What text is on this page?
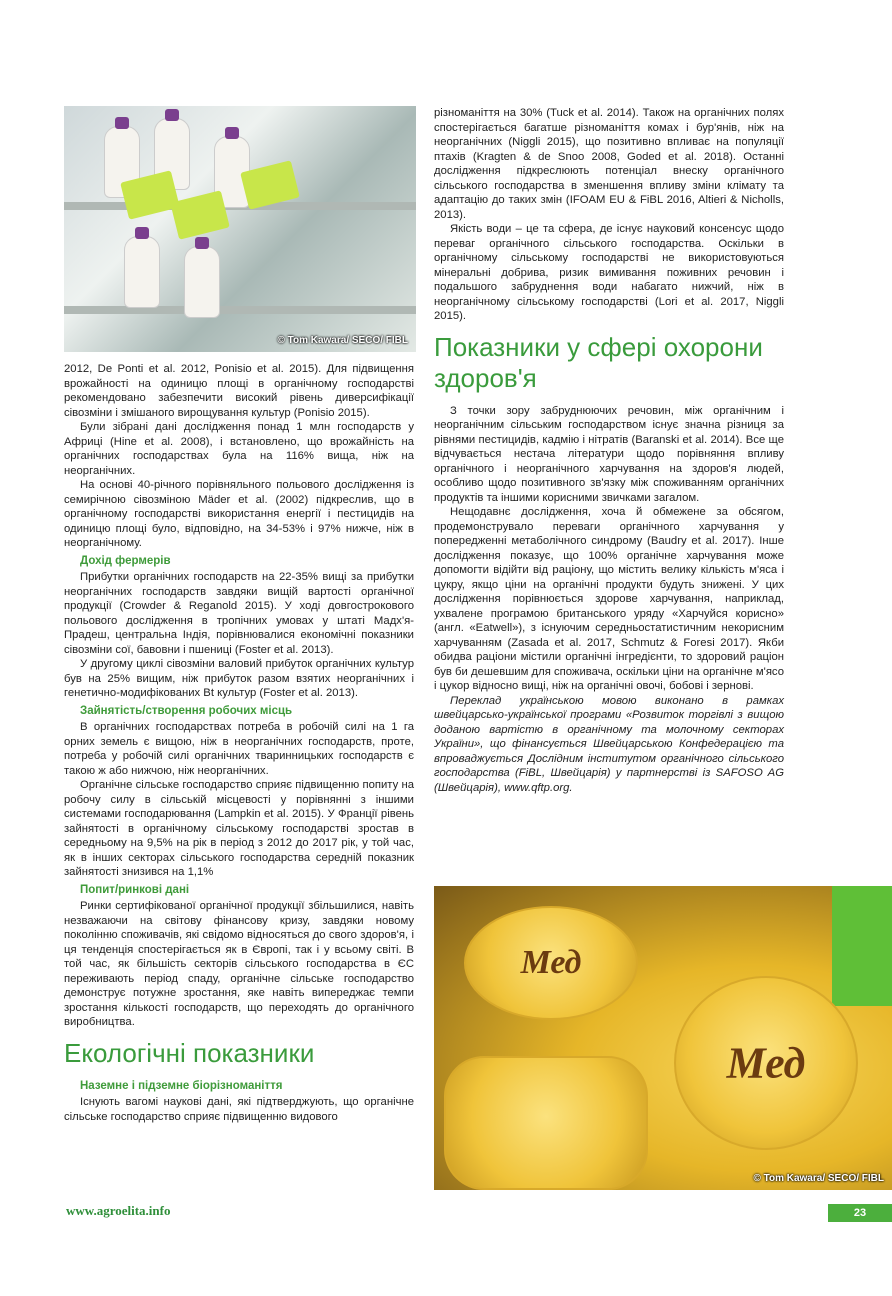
© Tom Kawara/ SECO/ FIBL

2012, De Ponti et al. 2012, Ponisio et al. 2015). Для підвищення врожайності на одиницю площі в органічному господарстві рекомендовано забезпечити високий рівень диверсифікації сівозміни і змішаного вирощування культур (Ponisio 2015).

Були зібрані дані дослідження понад 1 млн господарств у Африці (Hine et al. 2008), і встановлено, що врожайність на органічних господарствах була на 116% вища, ніж на неорганічних.

На основі 40-річного порівняльного польового дослідження із семирічною сівозміною Mäder et al. (2002) підкреслив, що в органічному господарстві використання енергії і пестицидів на одиницю площі було, відповідно, на 34-53% і 97% нижче, ніж в неорганічному.

Дохід фермерів

Прибутки органічних господарств на 22-35% вищі за прибутки неорганічних господарств завдяки вищій вартості органічної продукції (Crowder & Reganold 2015). У ході довгострокового польового дослідження в тропічних умовах у штаті Мадх'я-Прадеш, центральна Індія, порівнювалися економічні показники сівозміни сої, бавовни і пшениці (Foster et al. 2013).

У другому циклі сівозміни валовий прибуток органічних культур був на 25% вищим, ніж прибуток разом взятих неорганічних і генетично-модифікованих Bt культур (Foster et al. 2013).

Зайнятість/створення робочих місць

В органічних господарствах потреба в робочій силі на 1 га орних земель є вищою, ніж в неорганічних господарств, проте, потреба у робочій силі органічних тваринницьких господарств є такою ж або нижчою, ніж неорганічних.

Органічне сільське господарство сприяє підвищенню попиту на робочу силу в сільській місцевості у порівнянні з іншими системами господарювання (Lampkin et al. 2015). У Франції рівень зайнятості в органічному сільському господарстві зростав в середньому на 9,5% на рік в період з 2012 до 2017 рік, у той час, як в інших секторах сільського господарства середній показник зайнятості знизився на 1,1%

Попит/ринкові дані

Ринки сертифікованої органічної продукції збільшилися, навіть незважаючи на світову фінансову кризу, завдяки новому поколінню споживачів, які свідомо відносяться до свого здоров'я, і ця тенденція спостерігається як в Європі, так і у всьому світі. В той час, як більшість секторів сільського господарства в ЄС переживають період спаду, органічне сільське господарство демонструє потужне зростання, яке навіть випереджає темпи зростання кількості господарств, що переходять до органічного виробництва.

Екологічні показники
Наземне і підземне біорізноманіття

Існують вагомі наукові дані, які підтверджують, що органічне сільське господарство сприяє підвищенню видового

різноманіття на 30% (Tuck et al. 2014). Також на органічних полях спостерігається багатше різноманіття комах і бур'янів, ніж на неорганічних (Niggli 2015), що позитивно впливає на популяції птахів (Kragten & de Snoo 2008, Goded et al. 2018). Останні дослідження підкреслюють потенціал внеску органічного сільського господарства в зменшення впливу зміни клімату та адаптацію до таких змін (IFOAM EU & FiBL 2016, Altieri & Nicholls, 2013).

Якість води – це та сфера, де існує науковий консенсус щодо переваг органічного сільського господарства. Оскільки в органічному сільському господарстві не використовуються мінеральні добрива, ризик вимивання поживних речовин і подальшого забруднення води набагато нижчий, ніж в неорганічному сільському господарстві (Lori et al. 2017, Niggli 2015).

Показники у сфері охорони здоров'я

З точки зору забруднюючих речовин, між органічним і неорганічним сільським господарством існує значна різниця за рівнями пестицидів, кадмію і нітратів (Baranski et al. 2014). Все ще відчувається нестача літератури щодо порівняння впливу органічного і неорганічного харчування на здоров'я людей, особливо щодо позитивного зв'язку між споживанням органічних продуктів та іншими корисними звичками загалом.

Нещодавнє дослідження, хоча й обмежене за обсягом, продемонструвало переваги органічного харчування у попередженні метаболічного синдрому (Baudry et al. 2017). Інше дослідження показує, що 100% органічне харчування може допомогти відійти від раціону, що містить велику кількість м'яса і цукру, якщо ціни на органічні продукти будуть знижені. У цих дослідження порівнюється здорове харчування, наприклад, ухвалене програмою британського уряду «Харчуйся корисно» (англ. «Eatwell»), з існуючим середньостатистичним некорисним харчуванням (Zasada et al. 2017, Schmutz & Foresi 2017). Якби обидва раціони містили органічні інгредієнти, то здоровий раціон був би дешевшим для споживача, оскільки ціни на органічне м'ясо і цукор відносно вищі, ніж на органічні овочі, бобові і зернові.

Переклад українською мовою виконано в рамках швейцарсько-української програми «Розвиток торгівлі з вищою доданою вартістю в органічному та молочному секторах України», що фінансується Швейцарською Конфедерацією та впроваджується Дослідним інститутом органічного сільського господарства (FiBL, Швейцарія) у партнерстві із SAFOSO AG (Швейцарія), www.qftp.org.

Мед
Мед
© Tom Kawara/ SECO/ FIBL
www.agroelita.info	23
